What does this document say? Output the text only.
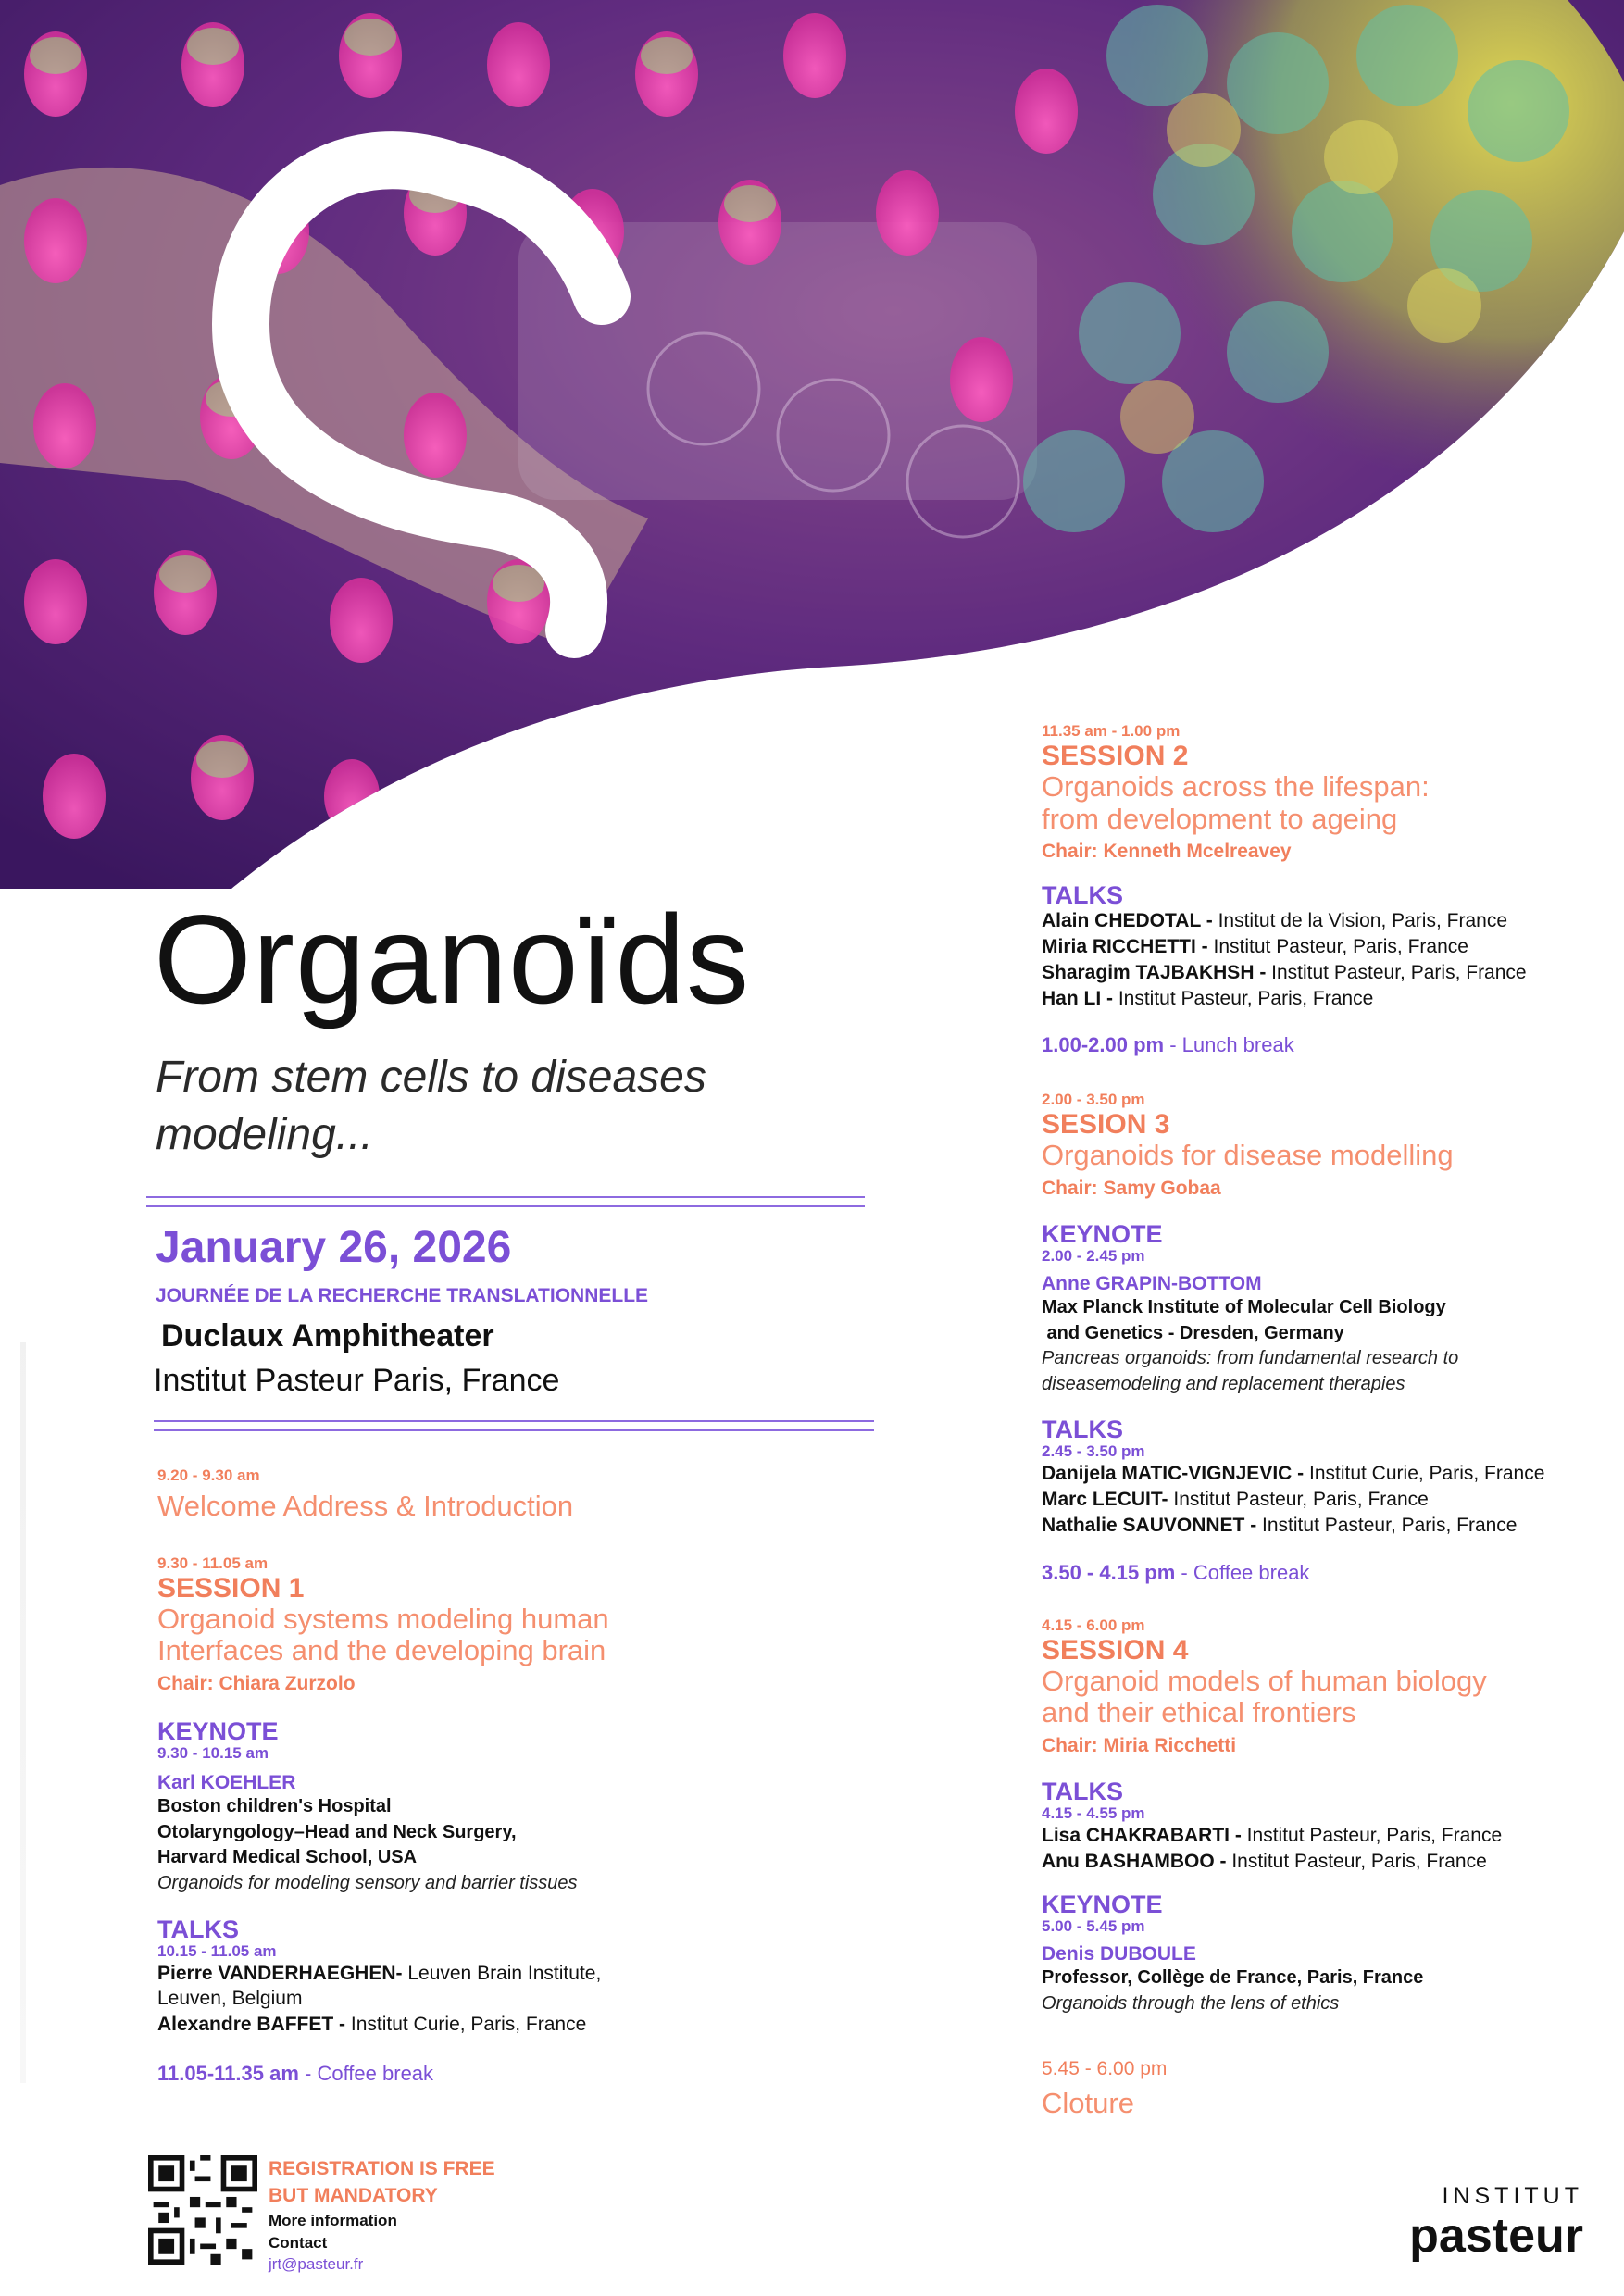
Organoïds
From stem cells to diseases
modeling...
January 26, 2026
JOURNÉE DE LA RECHERCHE TRANSLATIONNELLE
Duclaux Amphitheater
Institut Pasteur Paris, France
9.20 - 9.30 am
Welcome Address & Introduction
9.30 - 11.05 am
SESSION 1
Organoid systems modeling human
Interfaces and the developing brain
Chair: Chiara Zurzolo
KEYNOTE
9.30 - 10.15 am
Karl KOEHLER
Boston children's Hospital
Otolaryngology–Head and Neck Surgery,
Harvard Medical School, USA
Organoids for modeling sensory and barrier tissues
TALKS
10.15 - 11.05 am
Pierre VANDERHAEGHEN- Leuven Brain Institute,
Leuven, Belgium
Alexandre BAFFET - Institut Curie, Paris, France
11.05-11.35 am - Coffee break
11.35 am - 1.00 pm
SESSION 2
Organoids across the lifespan:
from development to ageing
Chair: Kenneth Mcelreavey
TALKS
Alain CHEDOTAL - Institut de la Vision, Paris, France
Miria RICCHETTI - Institut Pasteur, Paris, France
Sharagim TAJBAKHSH - Institut Pasteur, Paris, France
Han LI - Institut Pasteur, Paris, France
1.00-2.00 pm - Lunch break
2.00 - 3.50 pm
SESION 3
Organoids for disease modelling
Chair: Samy Gobaa
KEYNOTE
2.00 - 2.45 pm
Anne GRAPIN-BOTTOM
Max Planck Institute of Molecular Cell Biology
and Genetics - Dresden, Germany
Pancreas organoids: from fundamental research to
diseasemodeling and replacement therapies
TALKS
2.45 - 3.50 pm
Danijela MATIC-VIGNJEVIC - Institut Curie, Paris, France
Marc LECUIT- Institut Pasteur, Paris, France
Nathalie SAUVONNET - Institut Pasteur, Paris, France
3.50 - 4.15 pm - Coffee break
4.15 - 6.00 pm
SESSION 4
Organoid models of human biology
and their ethical frontiers
Chair: Miria Ricchetti
TALKS
4.15 - 4.55 pm
Lisa CHAKRABARTI - Institut Pasteur, Paris, France
Anu BASHAMBOO - Institut Pasteur, Paris, France
KEYNOTE
5.00 - 5.45 pm
Denis DUBOULE
Professor, Collège de France, Paris, France
Organoids through the lens of ethics
5.45 - 6.00 pm
Cloture
REGISTRATION IS FREE
BUT MANDATORY
More information
Contact
jrt@pasteur.fr
INSTITUT
pasteur
